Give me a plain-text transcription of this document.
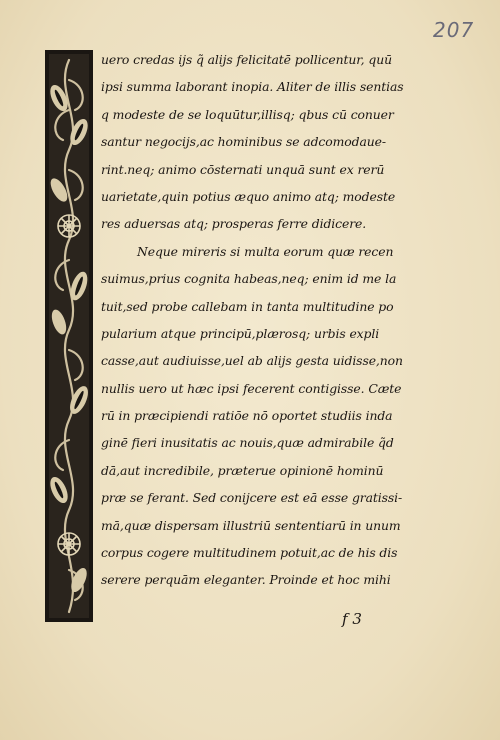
207
uero credas ijs q̃ alijs felicitatē pollicentur, quū
ipsi summa laborant inopia. Aliter de illis sentias
q modeste de se loquūtur,illisq; qbus cū conuer
santur negocijs,ac hominibus se adcomodaue-
rint.neq; animo cōsternati unquā sunt ex rerū
uarietate,quin potius æquo animo atq; modeste
res aduersas atq; prosperas ferre didicere.
Neque mireris si multa eorum quæ recen
suimus,prius cognita habeas,neq; enim id me la
tuit,sed probe callebam in tanta multitudine po
pularium atque principū,plærosq; urbis expli
casse,aut audiuisse,uel ab alijs gesta uidisse,non
nullis uero ut hæc ipsi fecerent contigisse. Cæte
rū in præcipiendi ratiōe nō oportet studiis inda
ginē fieri inusitatis ac nouis,quæ admirabile q̃d
dā,aut incredibile, præterue opinionē hominū
præ se ferant. Sed conijcere est eā esse gratissi-
mā,quæ dispersam illustriū sententiarū in unum
corpus cogere multitudinem potuit,ac de his dis
serere perquām eleganter. Proinde et hoc mihi
f 3
